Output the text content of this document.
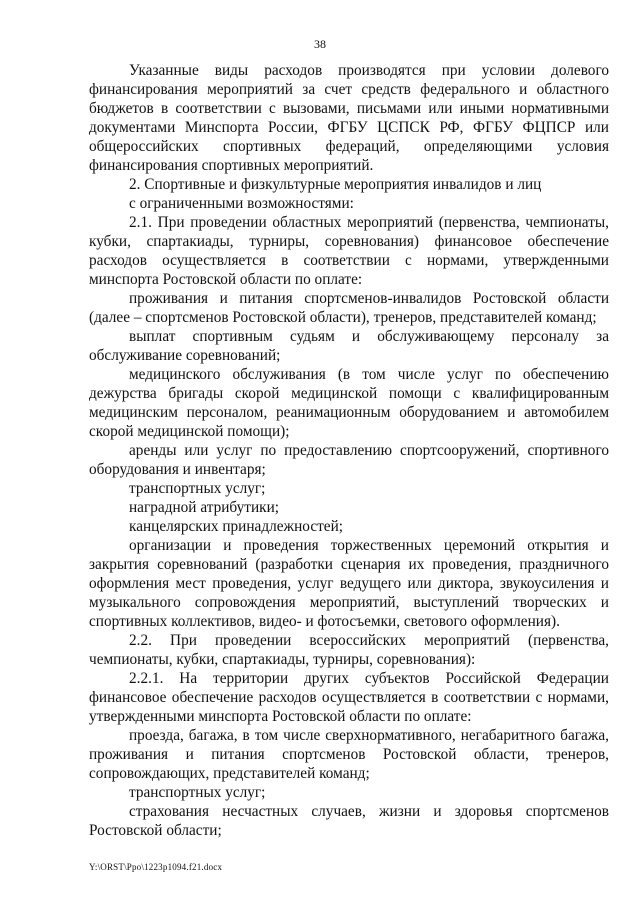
38

Указанные виды расходов производятся при условии долевого финансирования мероприятий за счет средств федерального и областного бюджетов в соответствии с вызовами, письмами или иными нормативными документами Минспорта России, ФГБУ ЦСПСК РФ, ФГБУ ФЦПСР или общероссийских спортивных федераций, определяющими условия финансирования спортивных мероприятий.

2. Спортивные и физкультурные мероприятия инвалидов и лиц

с ограниченными возможностями:

2.1. При проведении областных мероприятий (первенства, чемпионаты, кубки, спартакиады, турниры, соревнования) финансовое обеспечение расходов осуществляется в соответствии с нормами, утвержденными минспорта Ростовской области по оплате:

проживания и питания спортсменов-инвалидов Ростовской области (далее – спортсменов Ростовской области), тренеров, представителей команд;

выплат спортивным судьям и обслуживающему персоналу за обслуживание соревнований;

медицинского обслуживания (в том числе услуг по обеспечению дежурства бригады скорой медицинской помощи с квалифицированным медицинским персоналом, реанимационным оборудованием и автомобилем скорой медицинской помощи);

аренды или услуг по предоставлению спортсооружений, спортивного оборудования и инвентаря;

транспортных услуг;

наградной атрибутики;

канцелярских принадлежностей;

организации и проведения торжественных церемоний открытия и закрытия соревнований (разработки сценария их проведения, праздничного оформления мест проведения, услуг ведущего или диктора, звукоусиления и музыкального сопровождения мероприятий, выступлений творческих и спортивных коллективов, видео- и фотосъемки, светового оформления).

2.2. При проведении всероссийских мероприятий (первенства, чемпионаты, кубки, спартакиады, турниры, соревнования):

2.2.1. На территории других субъектов Российской Федерации финансовое обеспечение расходов осуществляется в соответствии с нормами, утвержденными минспорта Ростовской области по оплате:

проезда, багажа, в том числе сверхнормативного, негабаритного багажа, проживания и питания спортсменов Ростовской области, тренеров, сопровождающих, представителей команд;

транспортных услуг;

страхования несчастных случаев, жизни и здоровья спортсменов Ростовской области;

Y:\ORST\Ppo\1223p1094.f21.docx
